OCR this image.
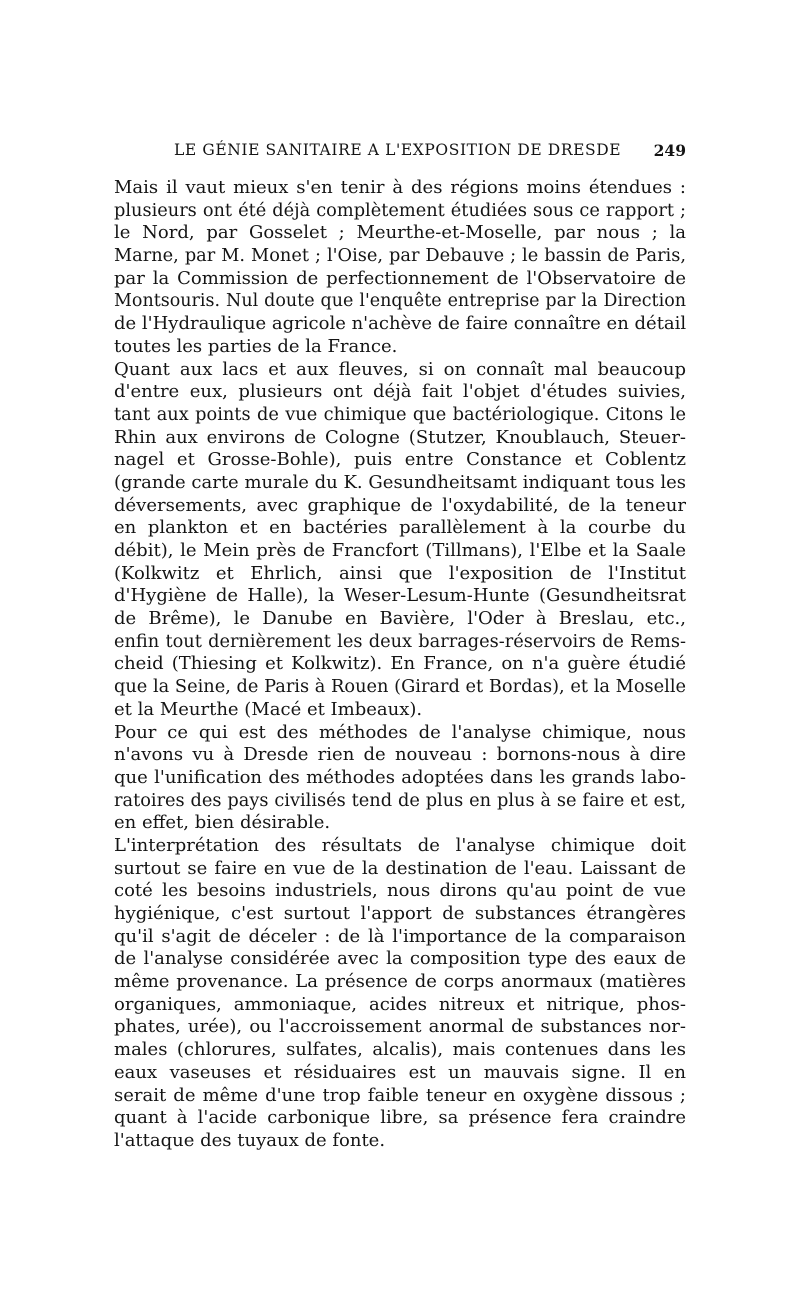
LE GÉNIE SANITAIRE A L'EXPOSITION DE DRESDE 249
Mais il vaut mieux s'en tenir à des régions moins étendues :
plusieurs ont été déjà complètement étudiées sous ce rapport ;
le Nord, par Gosselet ; Meurthe-et-Moselle, par nous ; la
Marne, par M. Monet ; l'Oise, par Debauve ; le bassin de Paris,
par la Commission de perfectionnement de l'Observatoire de
Montsouris. Nul doute que l'enquête entreprise par la Direction
de l'Hydraulique agricole n'achève de faire connaître en détail
toutes les parties de la France.
Quant aux lacs et aux fleuves, si on connaît mal beaucoup
d'entre eux, plusieurs ont déjà fait l'objet d'études suivies,
tant aux points de vue chimique que bactériologique. Citons le
Rhin aux environs de Cologne (Stutzer, Knoublauch, Steuer-
nagel et Grosse-Bohle), puis entre Constance et Coblentz
(grande carte murale du K. Gesundheitsamt indiquant tous les
déversements, avec graphique de l'oxydabilité, de la teneur
en plankton et en bactéries parallèlement à la courbe du
débit), le Mein près de Francfort (Tillmans), l'Elbe et la Saale
(Kolkwitz et Ehrlich, ainsi que l'exposition de l'Institut
d'Hygiène de Halle), la Weser-Lesum-Hunte (Gesundheitsrat
de Brême), le Danube en Bavière, l'Oder à Breslau, etc.,
enfin tout dernièrement les deux barrages-réservoirs de Rems-
cheid (Thiesing et Kolkwitz). En France, on n'a guère étudié
que la Seine, de Paris à Rouen (Girard et Bordas), et la Moselle
et la Meurthe (Macé et Imbeaux).
Pour ce qui est des méthodes de l'analyse chimique, nous
n'avons vu à Dresde rien de nouveau : bornons-nous à dire
que l'unification des méthodes adoptées dans les grands labo-
ratoires des pays civilisés tend de plus en plus à se faire et est,
en effet, bien désirable.
L'interprétation des résultats de l'analyse chimique doit
surtout se faire en vue de la destination de l'eau. Laissant de
coté les besoins industriels, nous dirons qu'au point de vue
hygiénique, c'est surtout l'apport de substances étrangères
qu'il s'agit de déceler : de là l'importance de la comparaison
de l'analyse considérée avec la composition type des eaux de
même provenance. La présence de corps anormaux (matières
organiques, ammoniaque, acides nitreux et nitrique, phos-
phates, urée), ou l'accroissement anormal de substances nor-
males (chlorures, sulfates, alcalis), mais contenues dans les
eaux vaseuses et résiduaires est un mauvais signe. Il en
serait de même d'une trop faible teneur en oxygène dissous ;
quant à l'acide carbonique libre, sa présence fera craindre
l'attaque des tuyaux de fonte.
